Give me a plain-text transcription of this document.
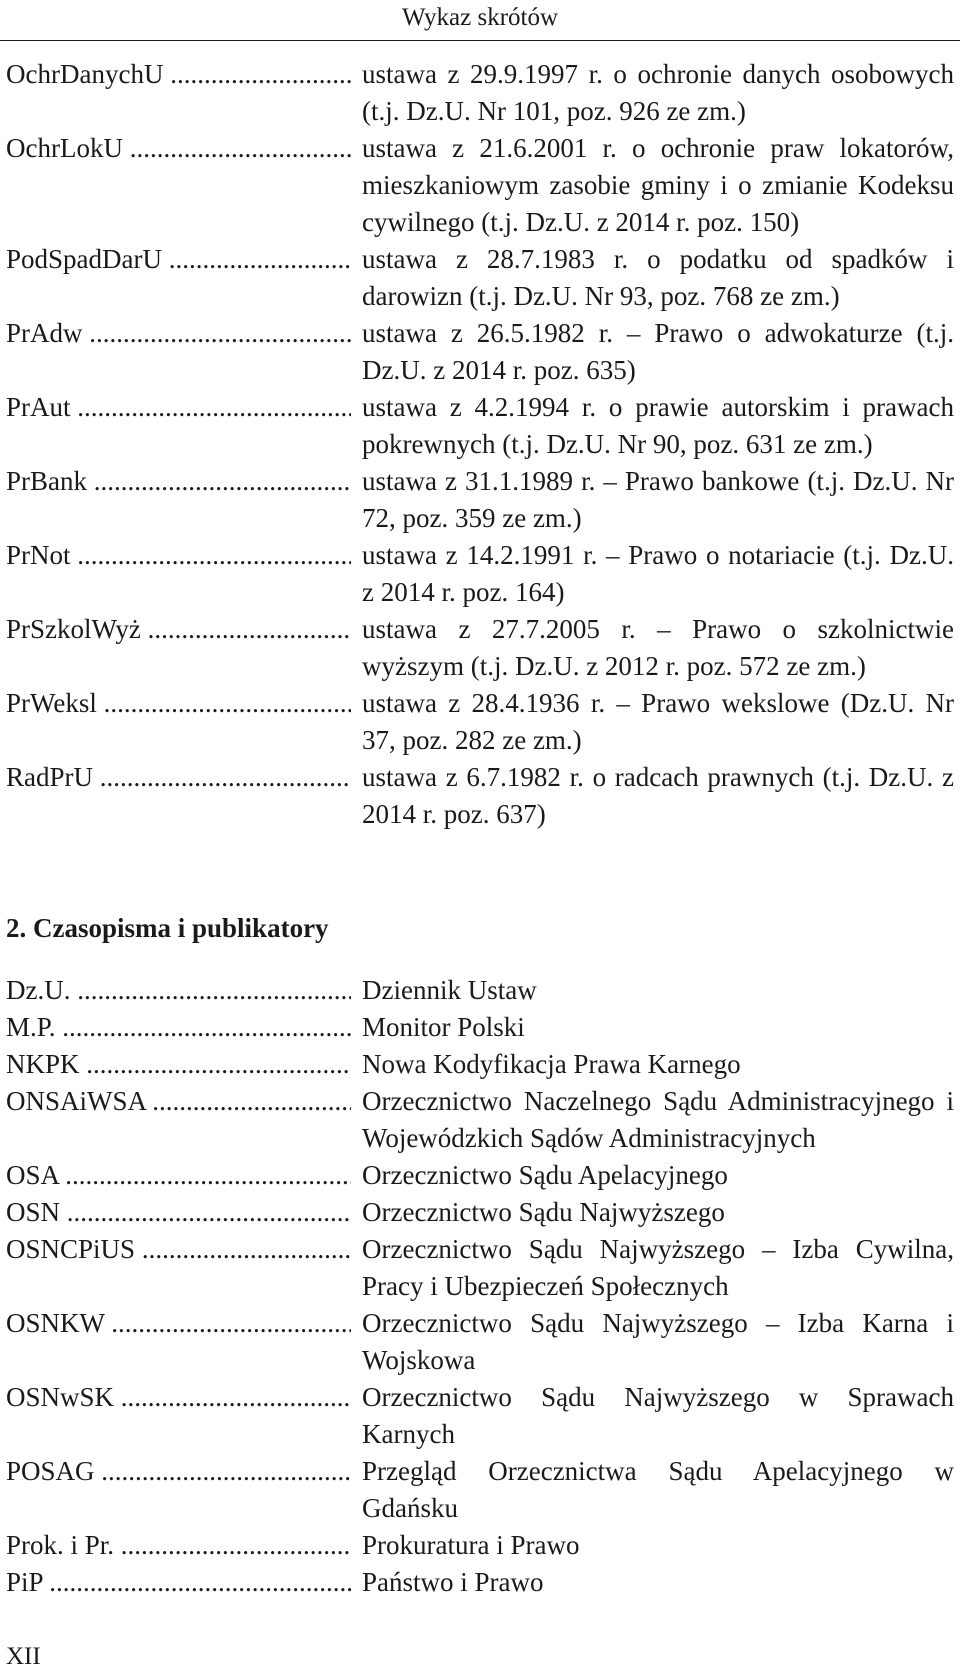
Wykaz skrótów
OchrDanychU .....	ustawa z 29.9.1997 r. o ochronie danych osobowych (t.j. Dz.U. Nr 101, poz. 926 ze zm.)
OchrLokU .....	ustawa z 21.6.2001 r. o ochronie praw lokatorów, mieszkaniowym zasobie gminy i o zmianie Kodeksu cywilnego (t.j. Dz.U. z 2014 r. poz. 150)
PodSpadDarU .....	ustawa z 28.7.1983 r. o podatku od spadków i darowizn (t.j. Dz.U. Nr 93, poz. 768 ze zm.)
PrAdw .....	ustawa z 26.5.1982 r. – Prawo o adwokaturze (t.j. Dz.U. z 2014 r. poz. 635)
PrAut .....	ustawa z 4.2.1994 r. o prawie autorskim i prawach pokrewnych (t.j. Dz.U. Nr 90, poz. 631 ze zm.)
PrBank .....	ustawa z 31.1.1989 r. – Prawo bankowe (t.j. Dz.U. Nr 72, poz. 359 ze zm.)
PrNot .....	ustawa z 14.2.1991 r. – Prawo o notariacie (t.j. Dz.U. z 2014 r. poz. 164)
PrSzkolWyż .....	ustawa z 27.7.2005 r. – Prawo o szkolnictwie wyższym (t.j. Dz.U. z 2012 r. poz. 572 ze zm.)
PrWeksl .....	ustawa z 28.4.1936 r. – Prawo wekslowe (Dz.U. Nr 37, poz. 282 ze zm.)
RadPrU .....	ustawa z 6.7.1982 r. o radcach prawnych (t.j. Dz.U. z 2014 r. poz. 637)
2. Czasopisma i publikatory
Dz.U. .....	Dziennik Ustaw
M.P. .....	Monitor Polski
NKPK .....	Nowa Kodyfikacja Prawa Karnego
ONSAiWSA .....	Orzecznictwo Naczelnego Sądu Administracyjnego i Wojewódzkich Sądów Administracyjnych
OSA .....	Orzecznictwo Sądu Apelacyjnego
OSN .....	Orzecznictwo Sądu Najwyższego
OSNCPiUS .....	Orzecznictwo Sądu Najwyższego – Izba Cywilna, Pracy i Ubezpieczeń Społecznych
OSNKW .....	Orzecznictwo Sądu Najwyższego – Izba Karna i Wojskowa
OSNwSK .....	Orzecznictwo Sądu Najwyższego w Sprawach Karnych
POSAG .....	Przegląd Orzecznictwa Sądu Apelacyjnego w Gdańsku
Prok. i Pr. .....	Prokuratura i Prawo
PiP .....	Państwo i Prawo
XII
